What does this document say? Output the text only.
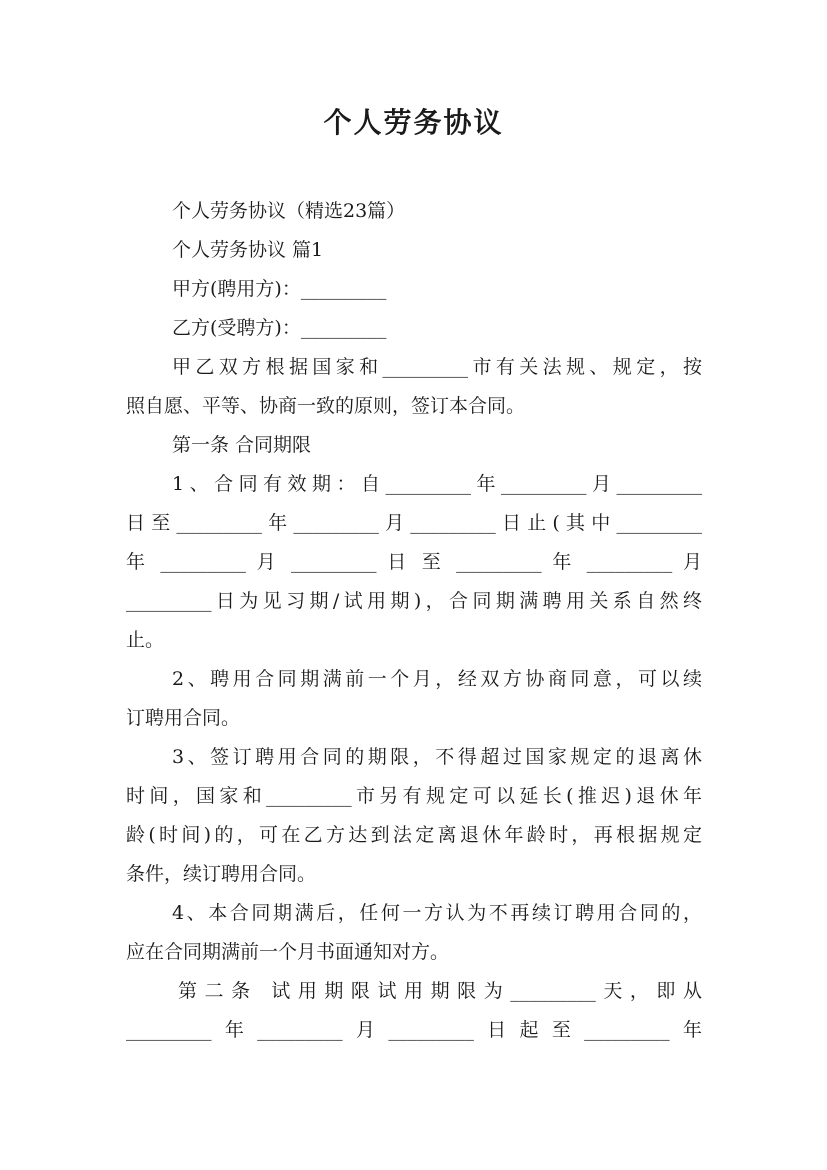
个人劳务协议
个人劳务协议（精选23篇）
个人劳务协议 篇1
甲方(聘用方)：_________
乙方(受聘方)：_________
甲乙双方根据国家和_________市有关法规、规定，按
照自愿、平等、协商一致的原则，签订本合同。
第一条 合同期限
1、合同有效期：自_________年_________月_________
日至_________年_________月_________日止(其中_________
年 _________ 月 _________ 日 至 _________ 年 _________ 月
_________日为见习期/试用期)，合同期满聘用关系自然终
止。
2、聘用合同期满前一个月，经双方协商同意，可以续
订聘用合同。
3、签订聘用合同的期限，不得超过国家规定的退离休
时间，国家和_________市另有规定可以延长(推迟)退休年
龄(时间)的，可在乙方达到法定离退休年龄时，再根据规定
条件，续订聘用合同。
4、本合同期满后，任何一方认为不再续订聘用合同的，
应在合同期满前一个月书面通知对方。
第二条 试用期限试用期限为_________天，即从
_________年_________月_________日起至_________年
